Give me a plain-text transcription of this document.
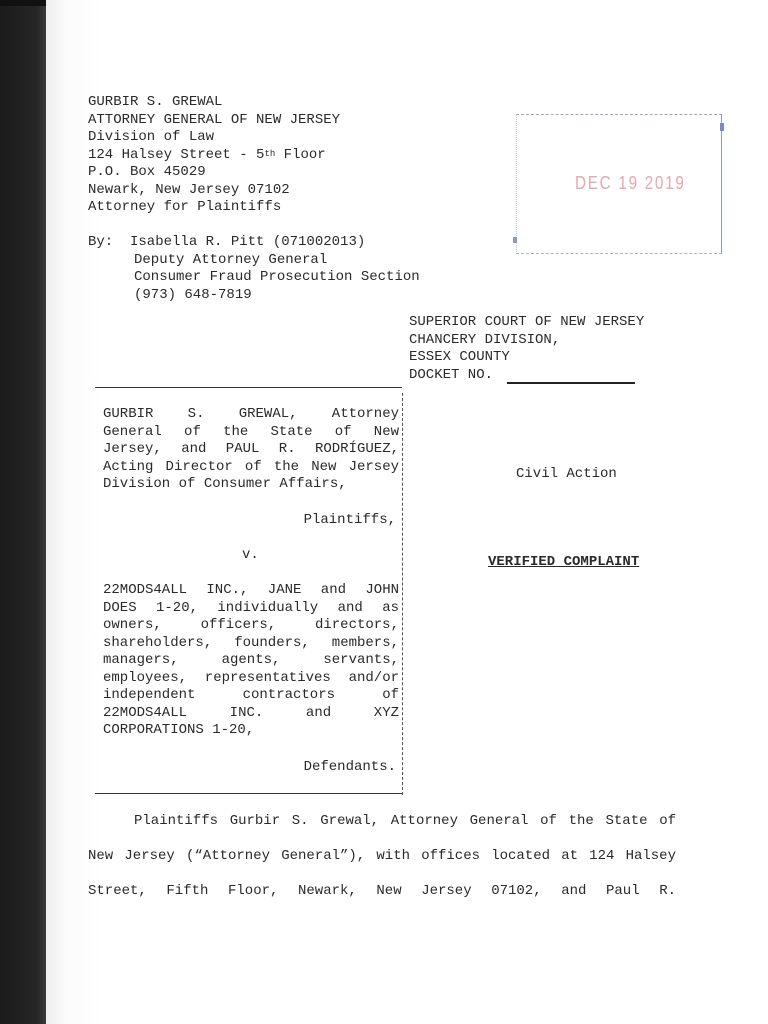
GURBIR S. GREWAL
ATTORNEY GENERAL OF NEW JERSEY
Division of Law
124 Halsey Street - 5th Floor
P.O. Box 45029
Newark, New Jersey 07102
Attorney for Plaintiffs
By:  Isabella R. Pitt (071002013)
Deputy Attorney General
Consumer Fraud Prosecution Section
(973) 648-7819
DEC 19 2019
SUPERIOR COURT OF NEW JERSEY
CHANCERY DIVISION,
ESSEX COUNTY
DOCKET NO.
GURBIR S. GREWAL, Attorney
General of the State of New
Jersey, and PAUL R. RODRÍGUEZ,
Acting Director of the New Jersey
Division of Consumer Affairs,
Plaintiffs,
v.
22MODS4ALL INC., JANE and JOHN
DOES 1-20, individually and as
owners, officers, directors,
shareholders, founders, members,
managers, agents, servants,
employees, representatives and/or
independent contractors of
22MODS4ALL INC. and XYZ
CORPORATIONS 1-20,
Defendants.
Civil Action
VERIFIED COMPLAINT
Plaintiffs Gurbir S. Grewal, Attorney General of the State of
New Jersey (“Attorney General”), with offices located at 124 Halsey
Street, Fifth Floor, Newark, New Jersey 07102, and Paul R.
